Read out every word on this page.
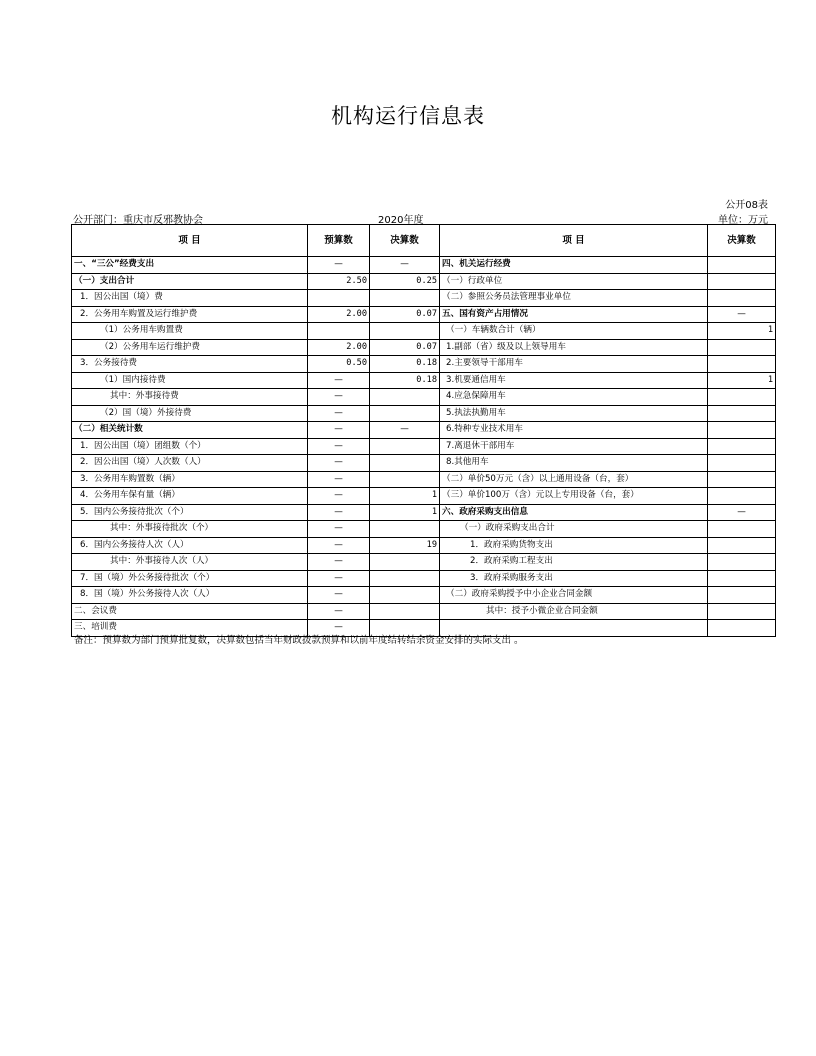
机构运行信息表
公开08表
公开部门：重庆市反邪教协会	2020年度	单位：万元
项 目	预算数	决算数	项 目	决算数
一、“三公”经费支出	—	—	四、机关运行经费	
（一）支出合计	2.50	0.25	（一）行政单位	
1．因公出国（境）费			（二）参照公务员法管理事业单位	
2．公务用车购置及运行维护费	2.00	0.07	五、国有资产占用情况	—
（1）公务用车购置费			（一）车辆数合计（辆）	1
（2）公务用车运行维护费	2.00	0.07	1.副部（省）级及以上领导用车	
3．公务接待费	0.50	0.18	2.主要领导干部用车	
（1）国内接待费	—	0.18	3.机要通信用车	1
其中：外事接待费	—		4.应急保障用车	
（2）国（境）外接待费	—		5.执法执勤用车	
（二）相关统计数	—	—	6.特种专业技术用车	
1．因公出国（境）团组数（个）	—		7.离退休干部用车	
2．因公出国（境）人次数（人）	—		8.其他用车	
3．公务用车购置数（辆）	—		（二）单价50万元（含）以上通用设备（台，套）	
4．公务用车保有量（辆）	—	1	（三）单价100万（含）元以上专用设备（台，套）	
5．国内公务接待批次（个）	—	1	六、政府采购支出信息	—
其中：外事接待批次（个）	—		（一）政府采购支出合计	
6．国内公务接待人次（人）	—	19	1．政府采购货物支出	
其中：外事接待人次（人）	—		2．政府采购工程支出	
7．国（境）外公务接待批次（个）	—		3．政府采购服务支出	
8．国（境）外公务接待人次（人）	—		（二）政府采购授予中小企业合同金额	
二、会议费	—		其中：授予小微企业合同金额	
三、培训费	—			
备注：预算数为部门预算批复数，决算数包括当年财政拨款预算和以前年度结转结余资金安排的实际支出 。
